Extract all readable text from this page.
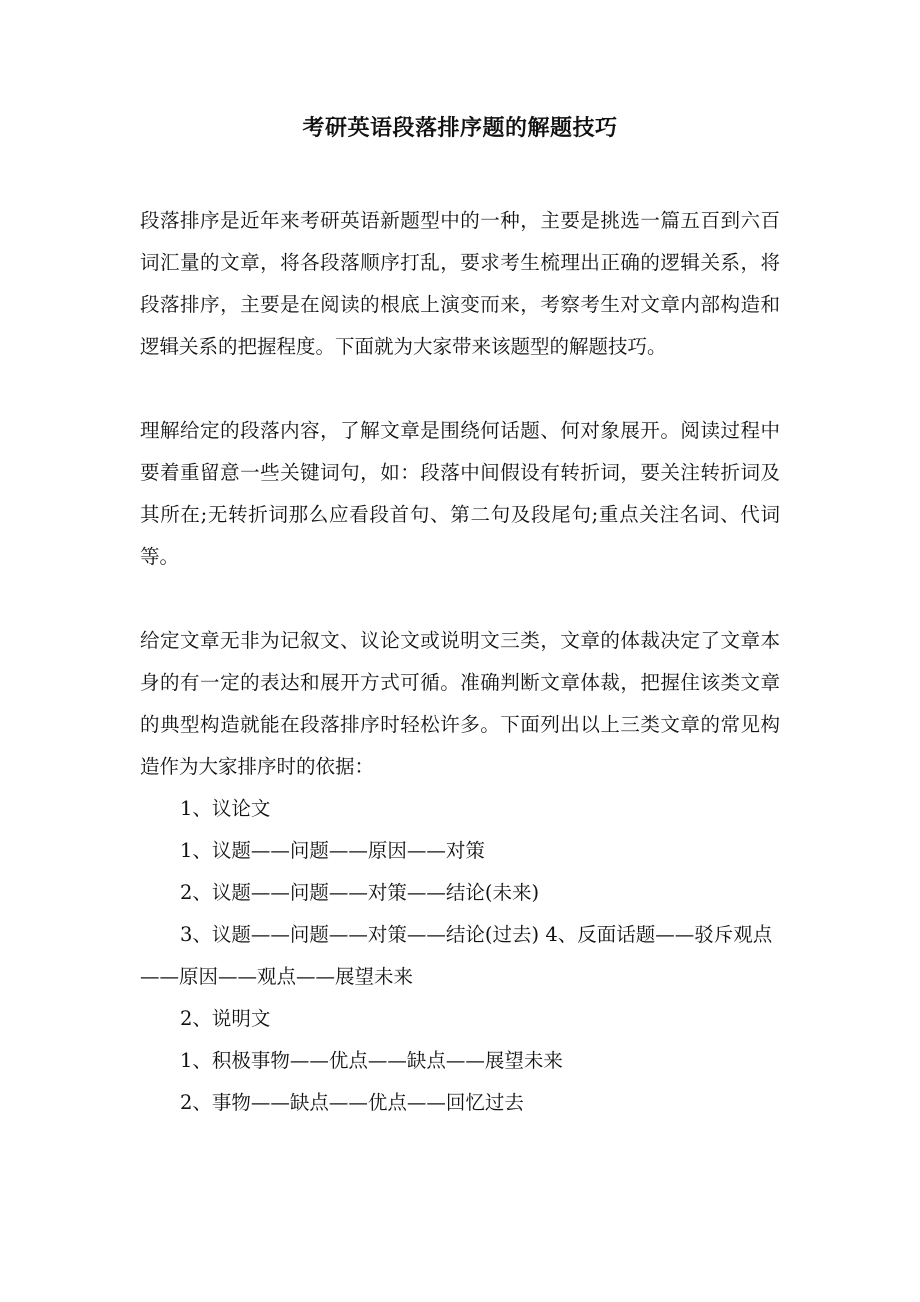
考研英语段落排序题的解题技巧

段落排序是近年来考研英语新题型中的一种，主要是挑选一篇五百到六百词汇量的文章，将各段落顺序打乱，要求考生梳理出正确的逻辑关系，将段落排序，主要是在阅读的根底上演变而来，考察考生对文章内部构造和逻辑关系的把握程度。下面就为大家带来该题型的解题技巧。

理解给定的段落内容，了解文章是围绕何话题、何对象展开。阅读过程中要着重留意一些关键词句，如：段落中间假设有转折词，要关注转折词及其所在;无转折词那么应看段首句、第二句及段尾句;重点关注名词、代词等。

给定文章无非为记叙文、议论文或说明文三类，文章的体裁决定了文章本身的有一定的表达和展开方式可循。准确判断文章体裁，把握住该类文章的典型构造就能在段落排序时轻松许多。下面列出以上三类文章的常见构造作为大家排序时的依据：

1、议论文

1、议题——问题——原因——对策

2、议题——问题——对策——结论(未来)

3、议题——问题——对策——结论(过去) 4、反面话题——驳斥观点——原因——观点——展望未来

2、说明文

1、积极事物——优点——缺点——展望未来

2、事物——缺点——优点——回忆过去
